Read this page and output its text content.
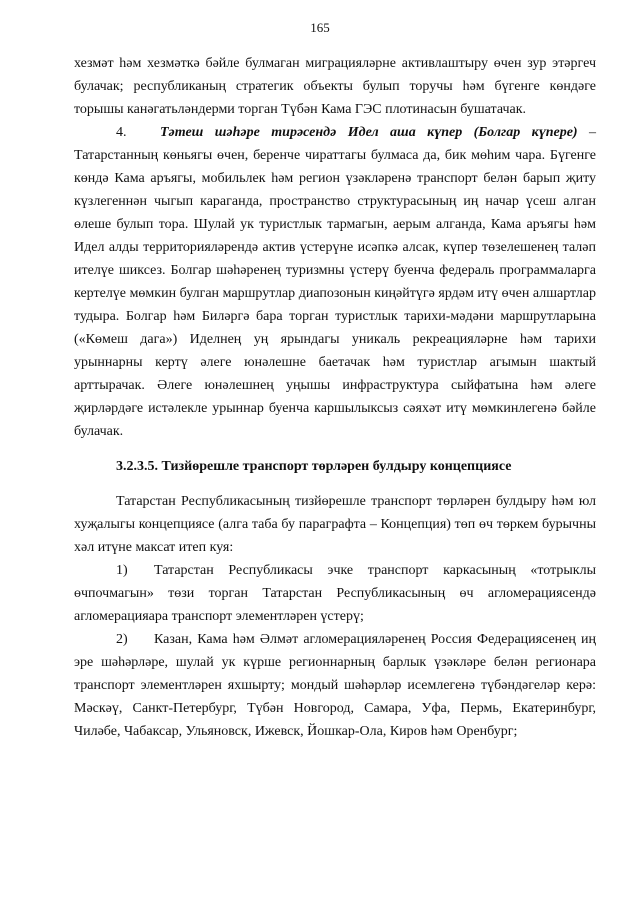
165

хезмәт һәм хезмәткә бәйле булмаган миграцияләрне активлаштыру өчен зур этәргеч булачак; республиканың стратегик объекты булып торучы һәм бүгенге көндәге торышы канәгатьләндерми торган Түбән Кама ГЭС плотинасын бушатачак.

4. Тәтеш шәһәре тирәсендә Идел аша күпер (Болгар күпере) – Татарстанның көньягы өчен, беренче чираттагы булмаса да, бик мөһим чара. Бүгенге көндә Кама аръягы, мобильлек һәм регион үзәкләренә транспорт белән барып җиту күзлегеннән чыгып караганда, пространство структурасының иң начар үсеш алган өлеше булып тора. Шулай ук туристлык тармагын, аерым алганда, Кама аръягы һәм Идел алды территорияләрендә актив үстерүне исәпкә алсак, күпер төзелешенең таләп ителүе шиксез. Болгар шәһәренең туризмны үстерү буенча федераль программаларга кертелүе мөмкин булган маршрутлар диапозонын киңәйтүгә ярдәм итү өчен алшартлар тудыра. Болгар һәм Биләргә бара торган туристлык тарихи-мәдәни маршрутларына («Көмеш дага») Иделнең уң ярындагы уникаль рекреацияләрне һәм тарихи урыннарны кертү әлеге юнәлешне баетачак һәм туристлар агымын шактый арттырачак. Әлеге юнәлешнең уңышы инфраструктура сыйфатына һәм әлеге җирләрдәге истәлекле урыннар буенча каршылыксыз сәяхәт итү мөмкинлегенә бәйле булачак.

3.2.3.5. Тизйөрешле транспорт төрләрен булдыру концепциясе

Татарстан Республикасының тизйөрешле транспорт төрләрен булдыру һәм юл хуҗалыгы концепциясе (алга таба бу параграфта – Концепция) төп өч төркем бурычны хәл итүне максат итеп куя:

1) Татарстан Республикасы эчке транспорт каркасының «тотрыклы өчпочмагын» төзи торган Татарстан Республикасының өч агломерациясендә агломерацияара транспорт элементләрен үстерү;

2) Казан, Кама һәм Әлмәт агломерацияләренең Россия Федерациясенең иң эре шәһәрләре, шулай ук күрше регионнарның барлык үзәкләре белән регионара транспорт элементләрен яхшырту; мондый шәһәрләр исемлегенә түбәндәгеләр керә: Мәскәү, Санкт-Петербург, Түбән Новгород, Самара, Уфа, Пермь, Екатеринбург, Чиләбе, Чабаксар, Ульяновск, Ижевск, Йошкар-Ола, Киров һәм Оренбург;
